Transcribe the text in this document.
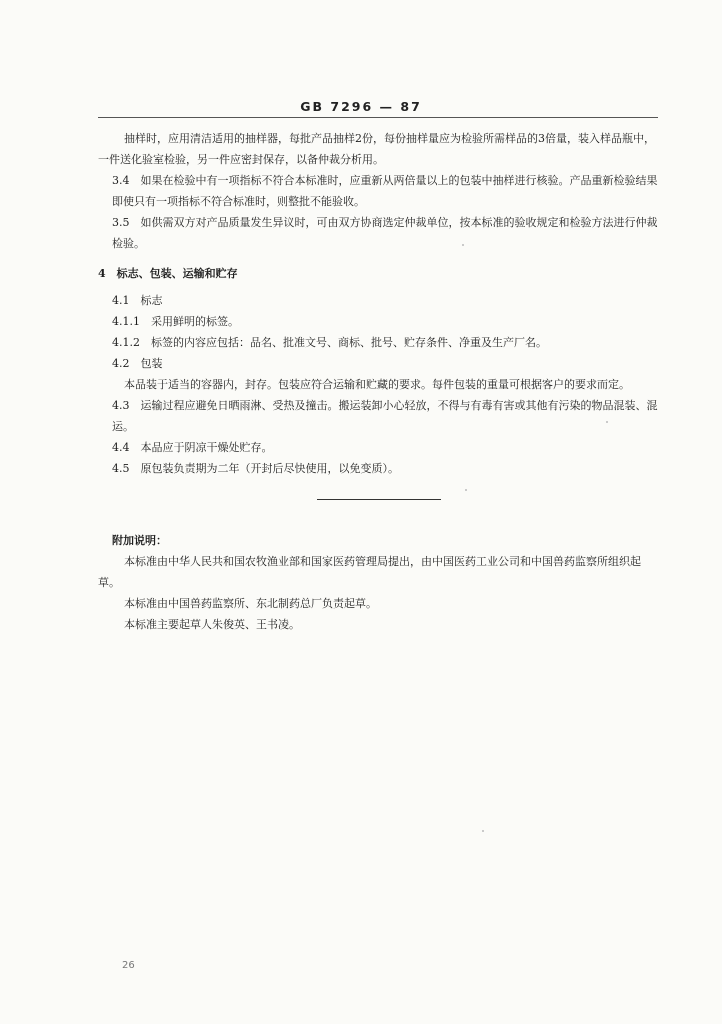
GB 7296 — 87

抽样时，应用清洁适用的抽样器，每批产品抽样2份，每份抽样量应为检验所需样品的3倍量，装入样品瓶中，一件送化验室检验，另一件应密封保存，以备仲裁分析用。

3.4　如果在检验中有一项指标不符合本标准时，应重新从两倍量以上的包装中抽样进行核验。产品重新检验结果即使只有一项指标不符合标准时，则整批不能验收。

3.5　如供需双方对产品质量发生异议时，可由双方协商选定仲裁单位，按本标准的验收规定和检验方法进行仲裁检验。

4　标志、包装、运输和贮存

4.1　标志

4.1.1　采用鲜明的标签。

4.1.2　标签的内容应包括：品名、批准文号、商标、批号、贮存条件、净重及生产厂名。

4.2　包装

本品装于适当的容器内，封存。包装应符合运输和贮藏的要求。每件包装的重量可根据客户的要求而定。

4.3　运输过程应避免日晒雨淋、受热及撞击。搬运装卸小心轻放，不得与有毒有害或其他有污染的物品混装、混运。

4.4　本品应于阴凉干燥处贮存。

4.5　原包装负责期为二年（开封后尽快使用，以免变质）。

附加说明：

本标准由中华人民共和国农牧渔业部和国家医药管理局提出，由中国医药工业公司和中国兽药监察所组织起草。

本标准由中国兽药监察所、东北制药总厂负责起草。

本标准主要起草人朱俊英、王书凌。

26
